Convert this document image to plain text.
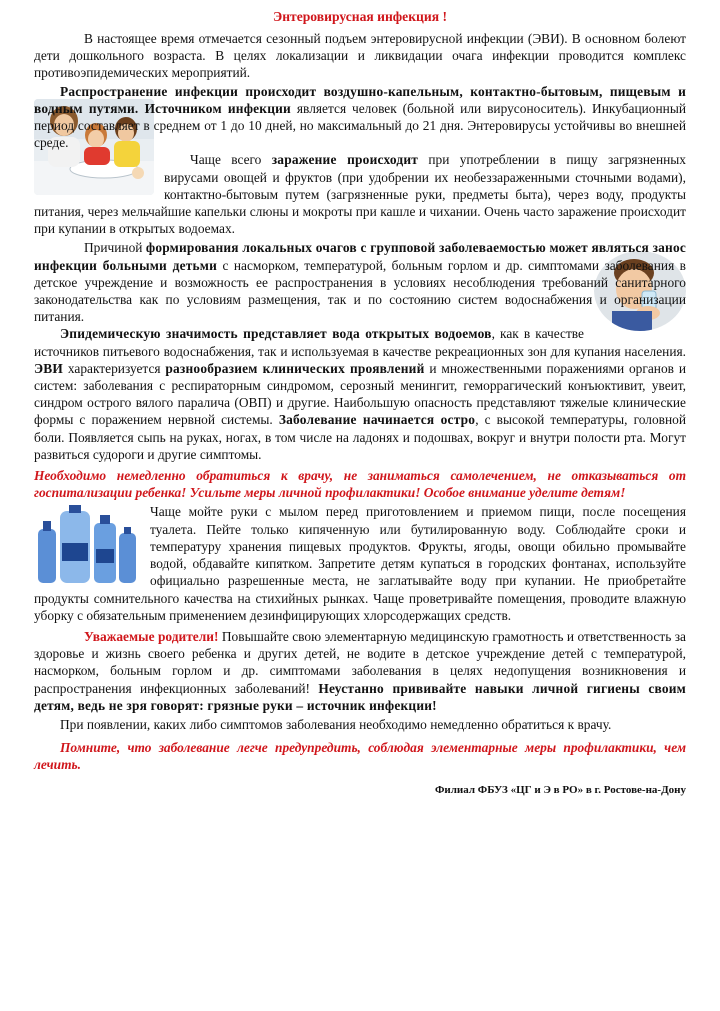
Энтеровирусная инфекция !

В настоящее время отмечается сезонный подъем энтеровирусной инфекции (ЭВИ). В основном болеют дети дошкольного возраста. В целях локализации и ликвидации очага инфекции проводится комплекс противоэпидемических мероприятий.

Распространение инфекции происходит воздушно-капельным, контактно-бытовым, пищевым и водным путями. Источником инфекции является человек (больной или вирусоноситель). Инкубационный период составляет в среднем от 1 до 10 дней, но максимальный до 21 дня. Энтеровирусы устойчивы во внешней среде.

Чаще всего заражение происходит при употреблении в пищу загрязненных вирусами овощей и фруктов (при удобрении их необеззараженными сточными водами), контактно-бытовым путем (загрязненные руки, предметы быта), через воду, продукты питания, через мельчайшие капельки слюны и мокроты при кашле и чихании. Очень часто заражение происходит при купании в открытых водоемах.

Причиной формирования локальных очагов с групповой заболеваемостью может являться занос инфекции больными детьми с насморком, температурой, больным горлом и др. симптомами заболевания в детское учреждение и возможность ее распространения в условиях несоблюдения требований санитарного законодательства как по условиям размещения, так и по состоянию систем водоснабжения и организации питания.

Эпидемическую значимость представляет вода открытых водоемов, как в качестве источников питьевого водоснабжения, так и используемая в качестве рекреационных зон для купания населения. ЭВИ характеризуется разнообразием клинических проявлений и множественными поражениями органов и систем: заболевания с респираторным синдромом, серозный менингит, геморрагический конъюктивит, увеит, синдром острого вялого паралича (ОВП) и другие. Наибольшую опасность представляют тяжелые клинические формы с поражением нервной системы. Заболевание начинается остро, с высокой температуры, головной боли. Появляется сыпь на руках, ногах, в том числе на ладонях и подошвах, вокруг и внутри полости рта. Могут развиться судороги и другие симптомы.

Необходимо немедленно обратиться к врачу, не заниматься самолечением, не отказываться от госпитализации ребенка! Усильте меры личной профилактики! Особое внимание уделите детям!

Чаще мойте руки с мылом перед приготовлением и приемом пищи, после посещения туалета. Пейте только кипяченную или бутилированную воду. Соблюдайте сроки и температуру хранения пищевых продуктов. Фрукты, ягоды, овощи обильно промывайте водой, обдавайте кипятком. Запретите детям купаться в городских фонтанах, используйте официально разрешенные места, не заглатывайте воду при купании. Не приобретайте продукты сомнительного качества на стихийных рынках. Чаще проветривайте помещения, проводите влажную уборку с обязательным применением дезинфицирующих хлорсодержащих средств.

Уважаемые родители! Повышайте свою элементарную медицинскую грамотность и ответственность за здоровье и жизнь своего ребенка и других детей, не водите в детское учреждение детей с температурой, насморком, больным горлом и др. симптомами заболевания в целях недопущения возникновения и распространения инфекционных заболеваний! Неустанно прививайте навыки личной гигиены своим детям, ведь не зря говорят: грязные руки – источник инфекции!

При появлении, каких либо симптомов заболевания необходимо немедленно обратиться к врачу.

Помните, что заболевание легче предупредить, соблюдая элементарные меры профилактики, чем лечить.

Филиал ФБУЗ «ЦГ и Э в РО» в г. Ростове-на-Дону
